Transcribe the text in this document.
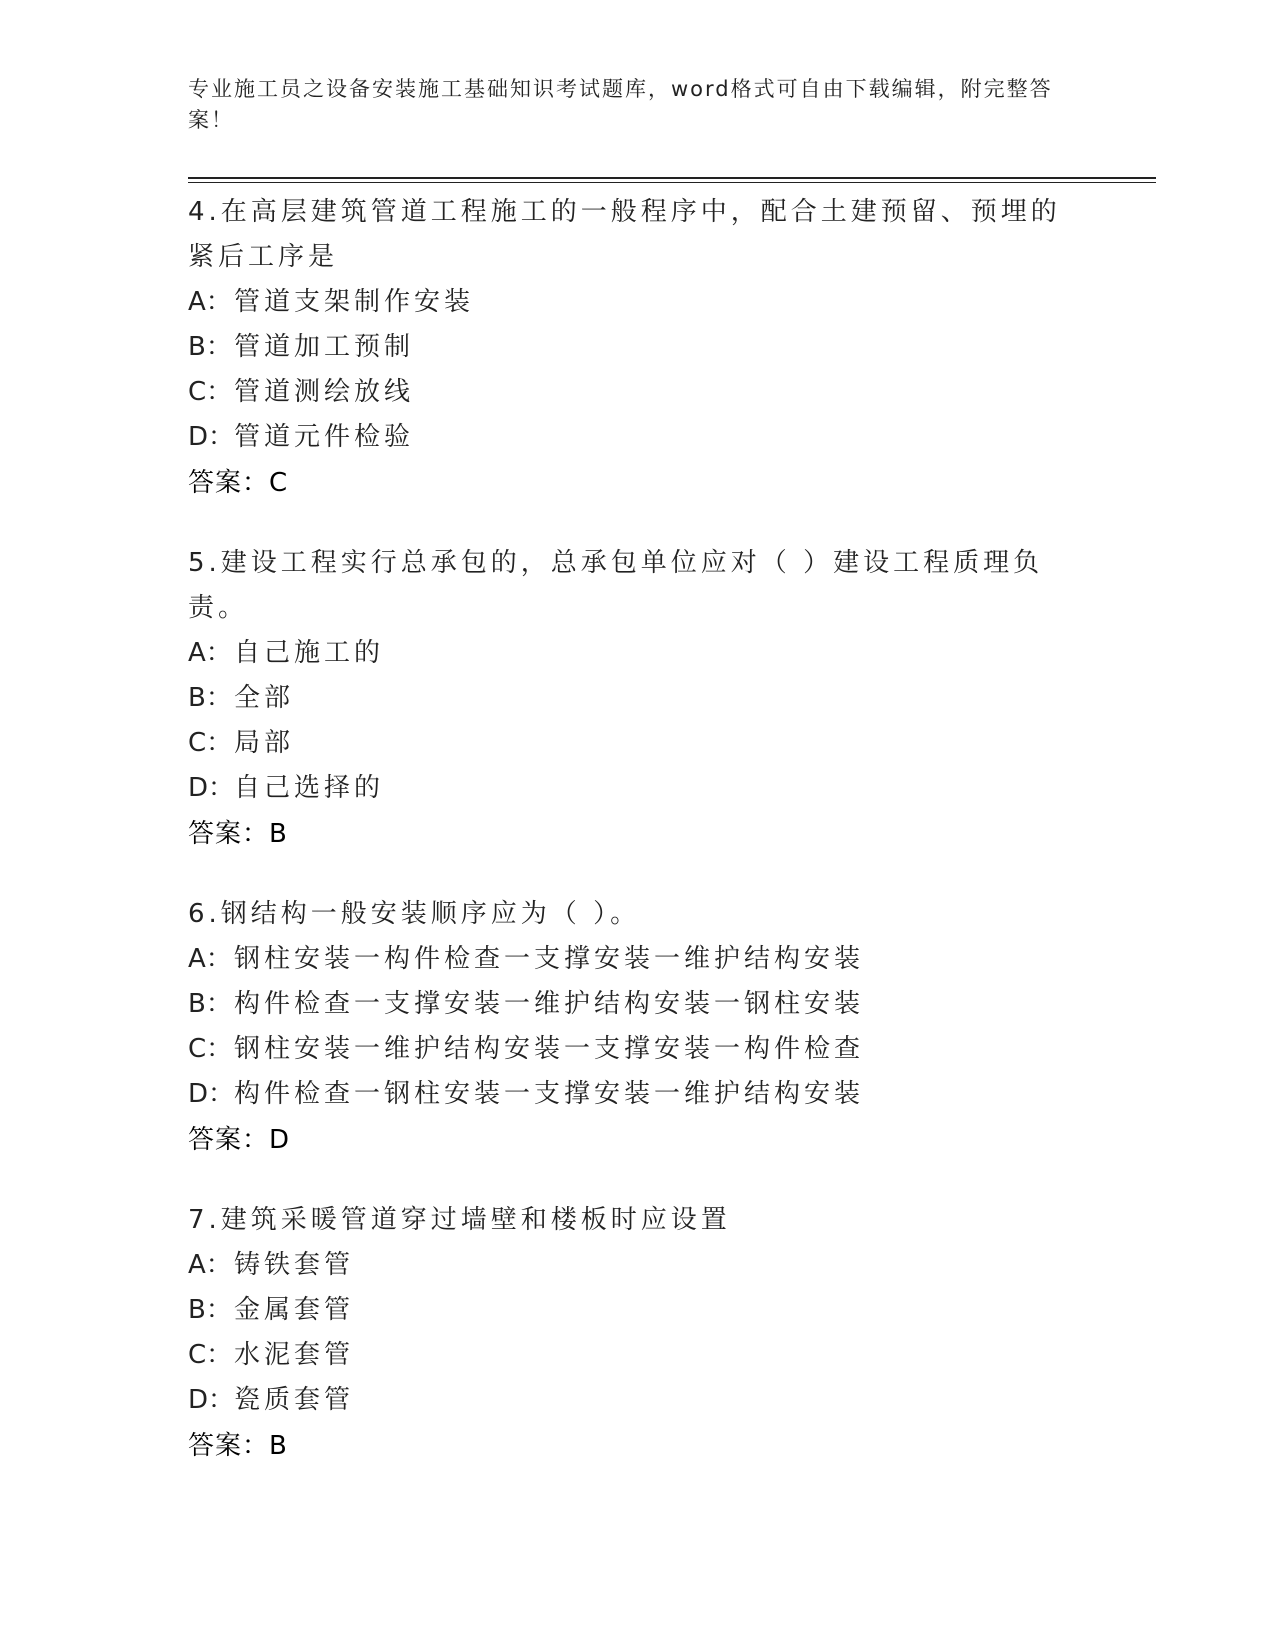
专业施工员之设备安装施工基础知识考试题库，word格式可自由下载编辑，附完整答案！

4.在高层建筑管道工程施工的一般程序中，配合土建预留、预埋的紧后工序是

A：管道支架制作安装

B：管道加工预制

C：管道测绘放线

D：管道元件检验

答案：C

5.建设工程实行总承包的，总承包单位应对（ ）建设工程质理负责。

A：自己施工的

B：全部

C：局部

D：自己选择的

答案：B

6.钢结构一般安装顺序应为（ ）。

A：钢柱安装一构件检查一支撑安装一维护结构安装

B：构件检查一支撑安装一维护结构安装一钢柱安装

C：钢柱安装一维护结构安装一支撑安装一构件检查

D：构件检查一钢柱安装一支撑安装一维护结构安装

答案：D

7.建筑采暖管道穿过墙壁和楼板时应设置

A：铸铁套管

B：金属套管

C：水泥套管

D：瓷质套管

答案：B
